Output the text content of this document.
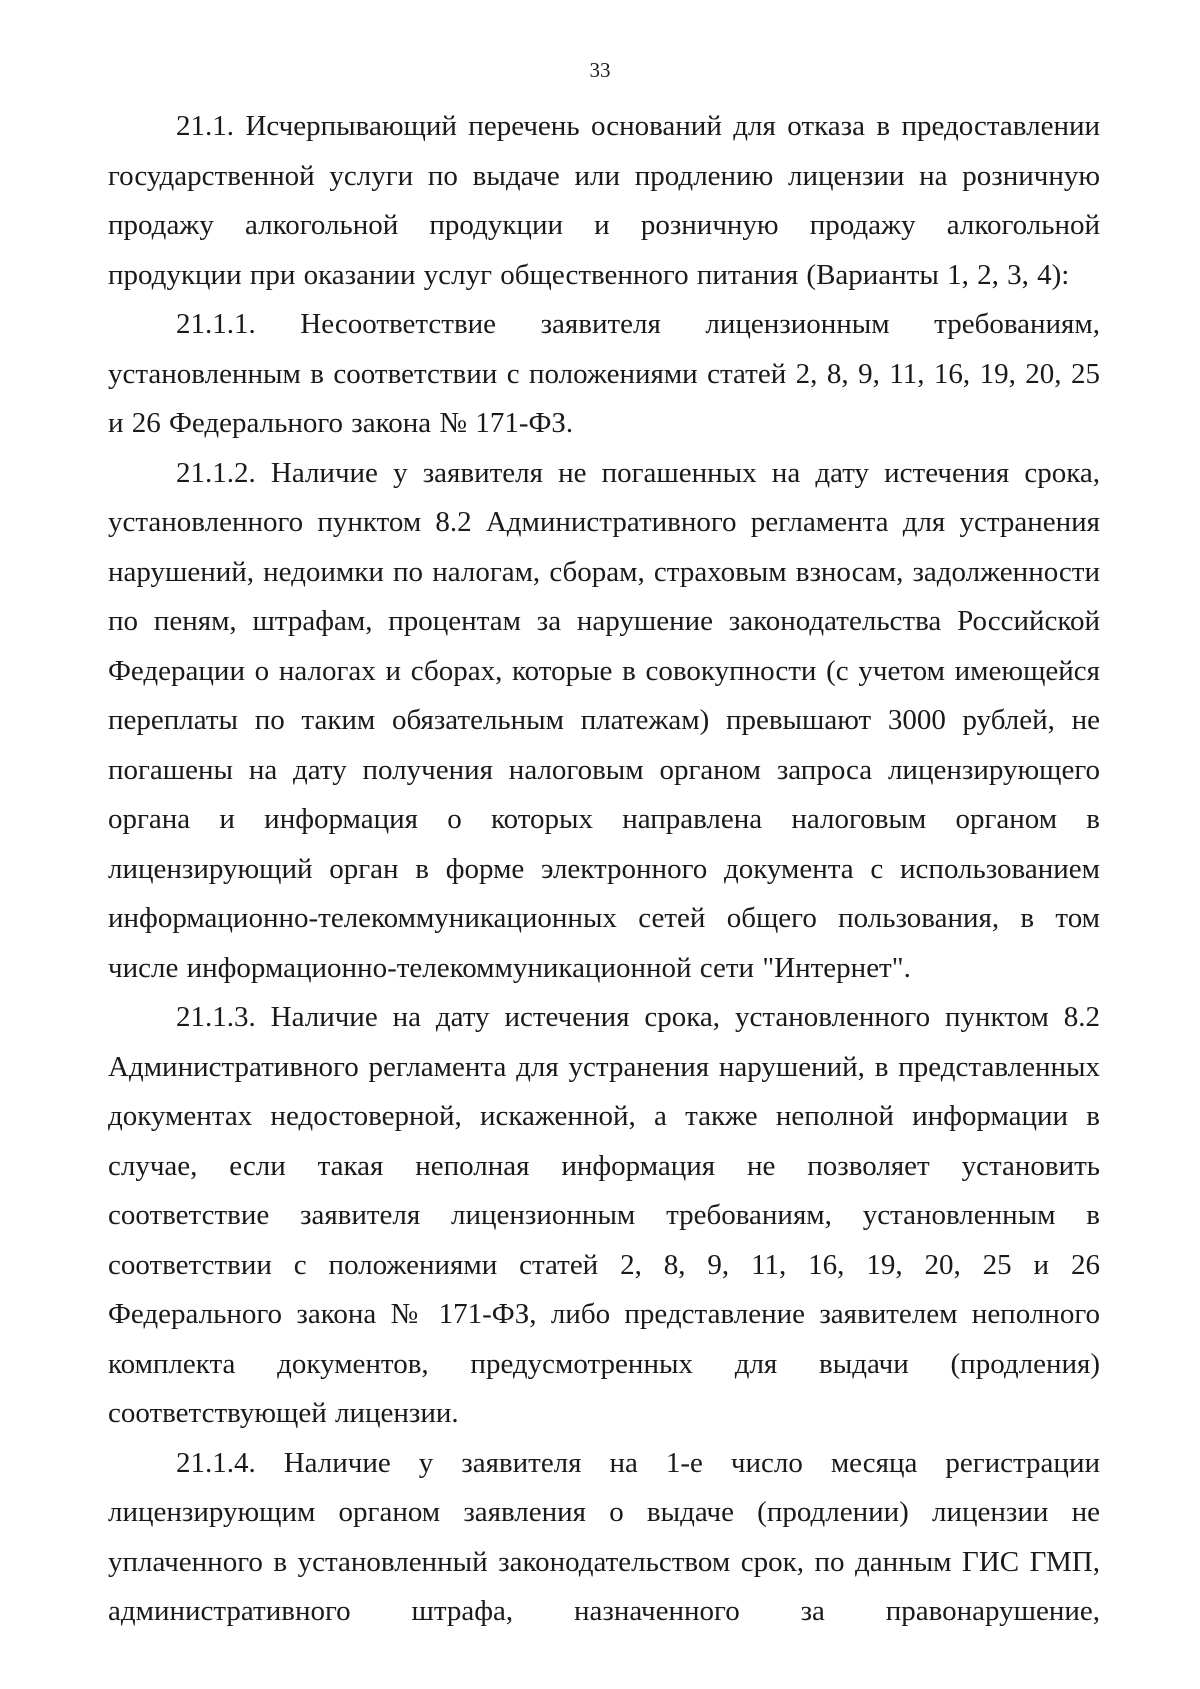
33

21.1. Исчерпывающий перечень оснований для отказа в предоставлении государственной услуги по выдаче или продлению лицензии на розничную продажу алкогольной продукции и розничную продажу алкогольной продукции при оказании услуг общественного питания (Варианты 1, 2, 3, 4):

21.1.1. Несоответствие заявителя лицензионным требованиям, установленным в соответствии с положениями статей 2, 8, 9, 11, 16, 19, 20, 25 и 26 Федерального закона № 171-ФЗ.

21.1.2. Наличие у заявителя не погашенных на дату истечения срока, установленного пунктом 8.2 Административного регламента для устранения нарушений, недоимки по налогам, сборам, страховым взносам, задолженности по пеням, штрафам, процентам за нарушение законодательства Российской Федерации о налогах и сборах, которые в совокупности (с учетом имеющейся переплаты по таким обязательным платежам) превышают 3000 рублей, не погашены на дату получения налоговым органом запроса лицензирующего органа и информация о которых направлена налоговым органом в лицензирующий орган в форме электронного документа с использованием информационно-телекоммуникационных сетей общего пользования, в том числе информационно-телекоммуникационной сети "Интернет".

21.1.3. Наличие на дату истечения срока, установленного пунктом 8.2 Административного регламента для устранения нарушений, в представленных документах недостоверной, искаженной, а также неполной информации в случае, если такая неполная информация не позволяет установить соответствие заявителя лицензионным требованиям, установленным в соответствии с положениями статей 2, 8, 9, 11, 16, 19, 20, 25 и 26 Федерального закона № 171-ФЗ, либо представление заявителем неполного комплекта документов, предусмотренных для выдачи (продления) соответствующей лицензии.

21.1.4. Наличие у заявителя на 1-е число месяца регистрации лицензирующим органом заявления о выдаче (продлении) лицензии не уплаченного в установленный законодательством срок, по данным ГИС ГМП, административного штрафа, назначенного за правонарушение,
